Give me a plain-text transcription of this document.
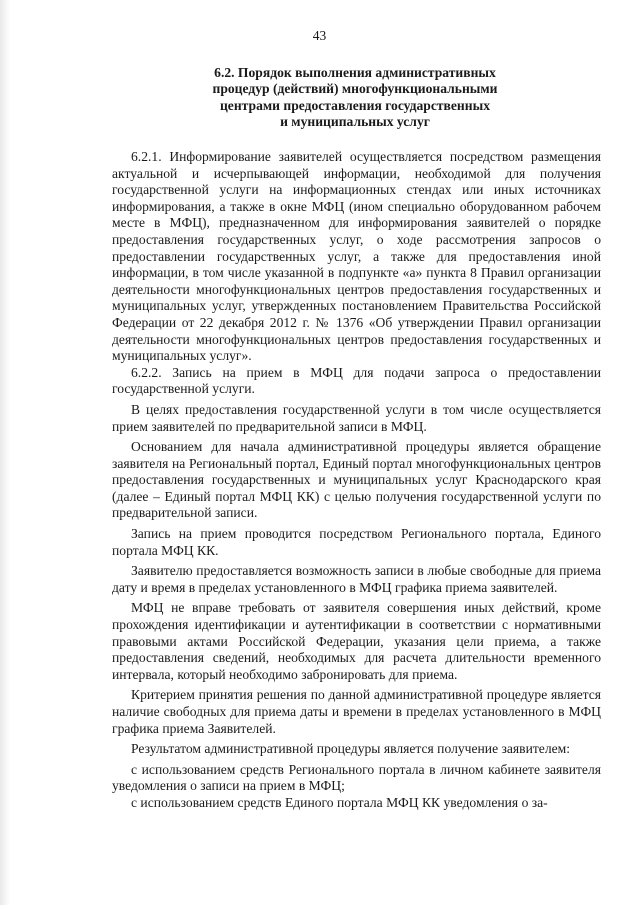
43
6.2. Порядок выполнения административных
процедур (действий) многофункциональными
центрами предоставления государственных
и муниципальных услуг

6.2.1. Информирование заявителей осуществляется посредством размещения актуальной и исчерпывающей информации, необходимой для получения государственной услуги на информационных стендах или иных источниках информирования, а также в окне МФЦ (ином специально оборудованном рабочем месте в МФЦ), предназначенном для информирования заявителей о порядке предоставления государственных услуг, о ходе рассмотрения запросов о предоставлении государственных услуг, а также для предоставления иной информации, в том числе указанной в подпункте «а» пункта 8 Правил организации деятельности многофункциональных центров предоставления государственных и муниципальных услуг, утвержденных постановлением Правительства Российской Федерации от 22 декабря 2012 г. № 1376 «Об утверждении Правил организации деятельности многофункциональных центров предоставления государственных и муниципальных услуг».

6.2.2. Запись на прием в МФЦ для подачи запроса о предоставлении государственной услуги.

В целях предоставления государственной услуги в том числе осуществляется прием заявителей по предварительной записи в МФЦ.

Основанием для начала административной процедуры является обращение заявителя на Региональный портал, Единый портал многофункциональных центров предоставления государственных и муниципальных услуг Краснодарского края (далее – Единый портал МФЦ КК) с целью получения государственной услуги по предварительной записи.

Запись на прием проводится посредством Регионального портала, Единого портала МФЦ КК.

Заявителю предоставляется возможность записи в любые свободные для приема дату и время в пределах установленного в МФЦ графика приема заявителей.

МФЦ не вправе требовать от заявителя совершения иных действий, кроме прохождения идентификации и аутентификации в соответствии с нормативными правовыми актами Российской Федерации, указания цели приема, а также предоставления сведений, необходимых для расчета длительности временного интервала, который необходимо забронировать для приема.

Критерием принятия решения по данной административной процедуре является наличие свободных для приема даты и времени в пределах установленного в МФЦ графика приема Заявителей.

Результатом административной процедуры является получение заявителем:

с использованием средств Регионального портала в личном кабинете заявителя уведомления о записи на прием в МФЦ;

с использованием средств Единого портала МФЦ КК уведомления о за-
